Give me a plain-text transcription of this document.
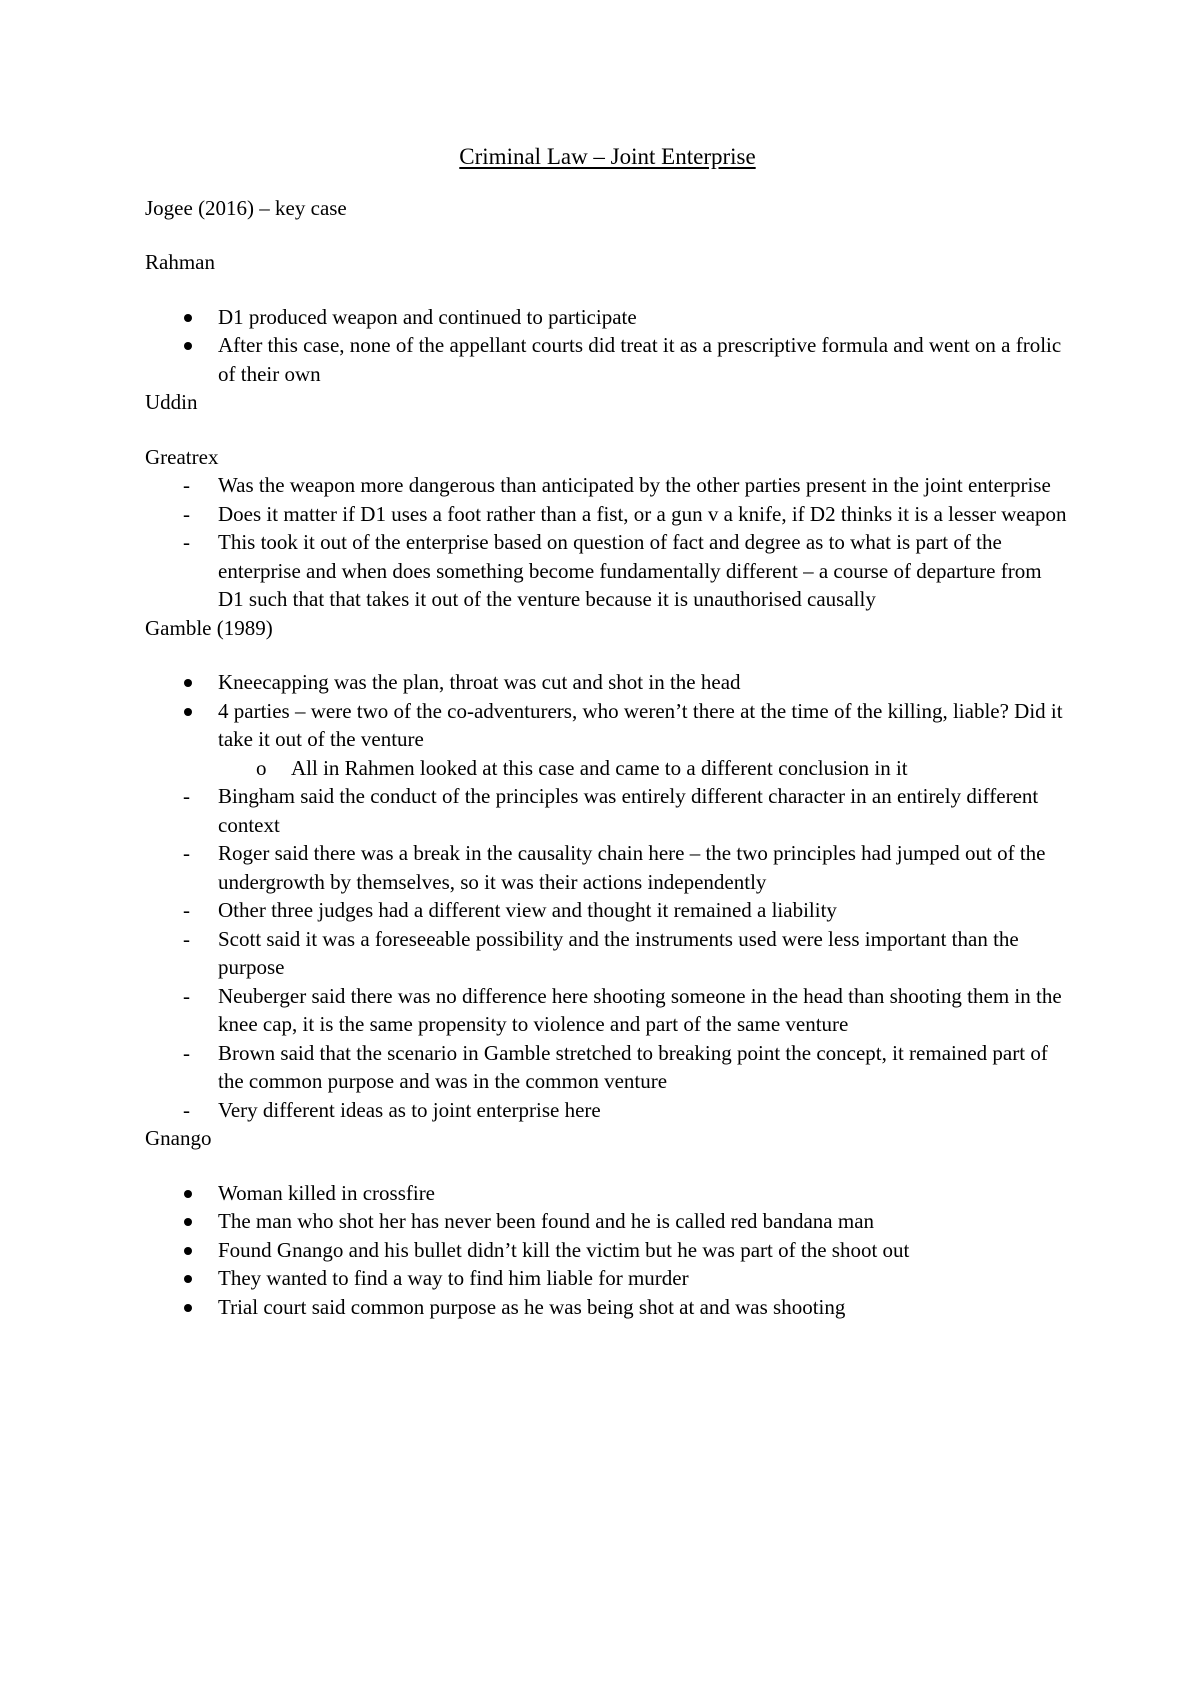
Criminal Law – Joint Enterprise
Jogee (2016) – key case
Rahman
D1 produced weapon and continued to participate
After this case, none of the appellant courts did treat it as a prescriptive formula and went on a frolic of their own
Uddin
Greatrex
- Was the weapon more dangerous than anticipated by the other parties present in the joint enterprise
- Does it matter if D1 uses a foot rather than a fist, or a gun v a knife, if D2 thinks it is a lesser weapon
- This took it out of the enterprise based on question of fact and degree as to what is part of the enterprise and when does something become fundamentally different – a course of departure from D1 such that that takes it out of the venture because it is unauthorised causally
Gamble (1989)
Kneecapping was the plan, throat was cut and shot in the head
4 parties – were two of the co-adventurers, who weren’t there at the time of the killing, liable? Did it take it out of the venture
o All in Rahmen looked at this case and came to a different conclusion in it
- Bingham said the conduct of the principles was entirely different character in an entirely different context
- Roger said there was a break in the causality chain here – the two principles had jumped out of the undergrowth by themselves, so it was their actions independently
- Other three judges had a different view and thought it remained a liability
- Scott said it was a foreseeable possibility and the instruments used were less important than the purpose
- Neuberger said there was no difference here shooting someone in the head than shooting them in the knee cap, it is the same propensity to violence and part of the same venture
- Brown said that the scenario in Gamble stretched to breaking point the concept, it remained part of the common purpose and was in the common venture
- Very different ideas as to joint enterprise here
Gnango
Woman killed in crossfire
The man who shot her has never been found and he is called red bandana man
Found Gnango and his bullet didn’t kill the victim but he was part of the shoot out
They wanted to find a way to find him liable for murder
Trial court said common purpose as he was being shot at and was shooting
